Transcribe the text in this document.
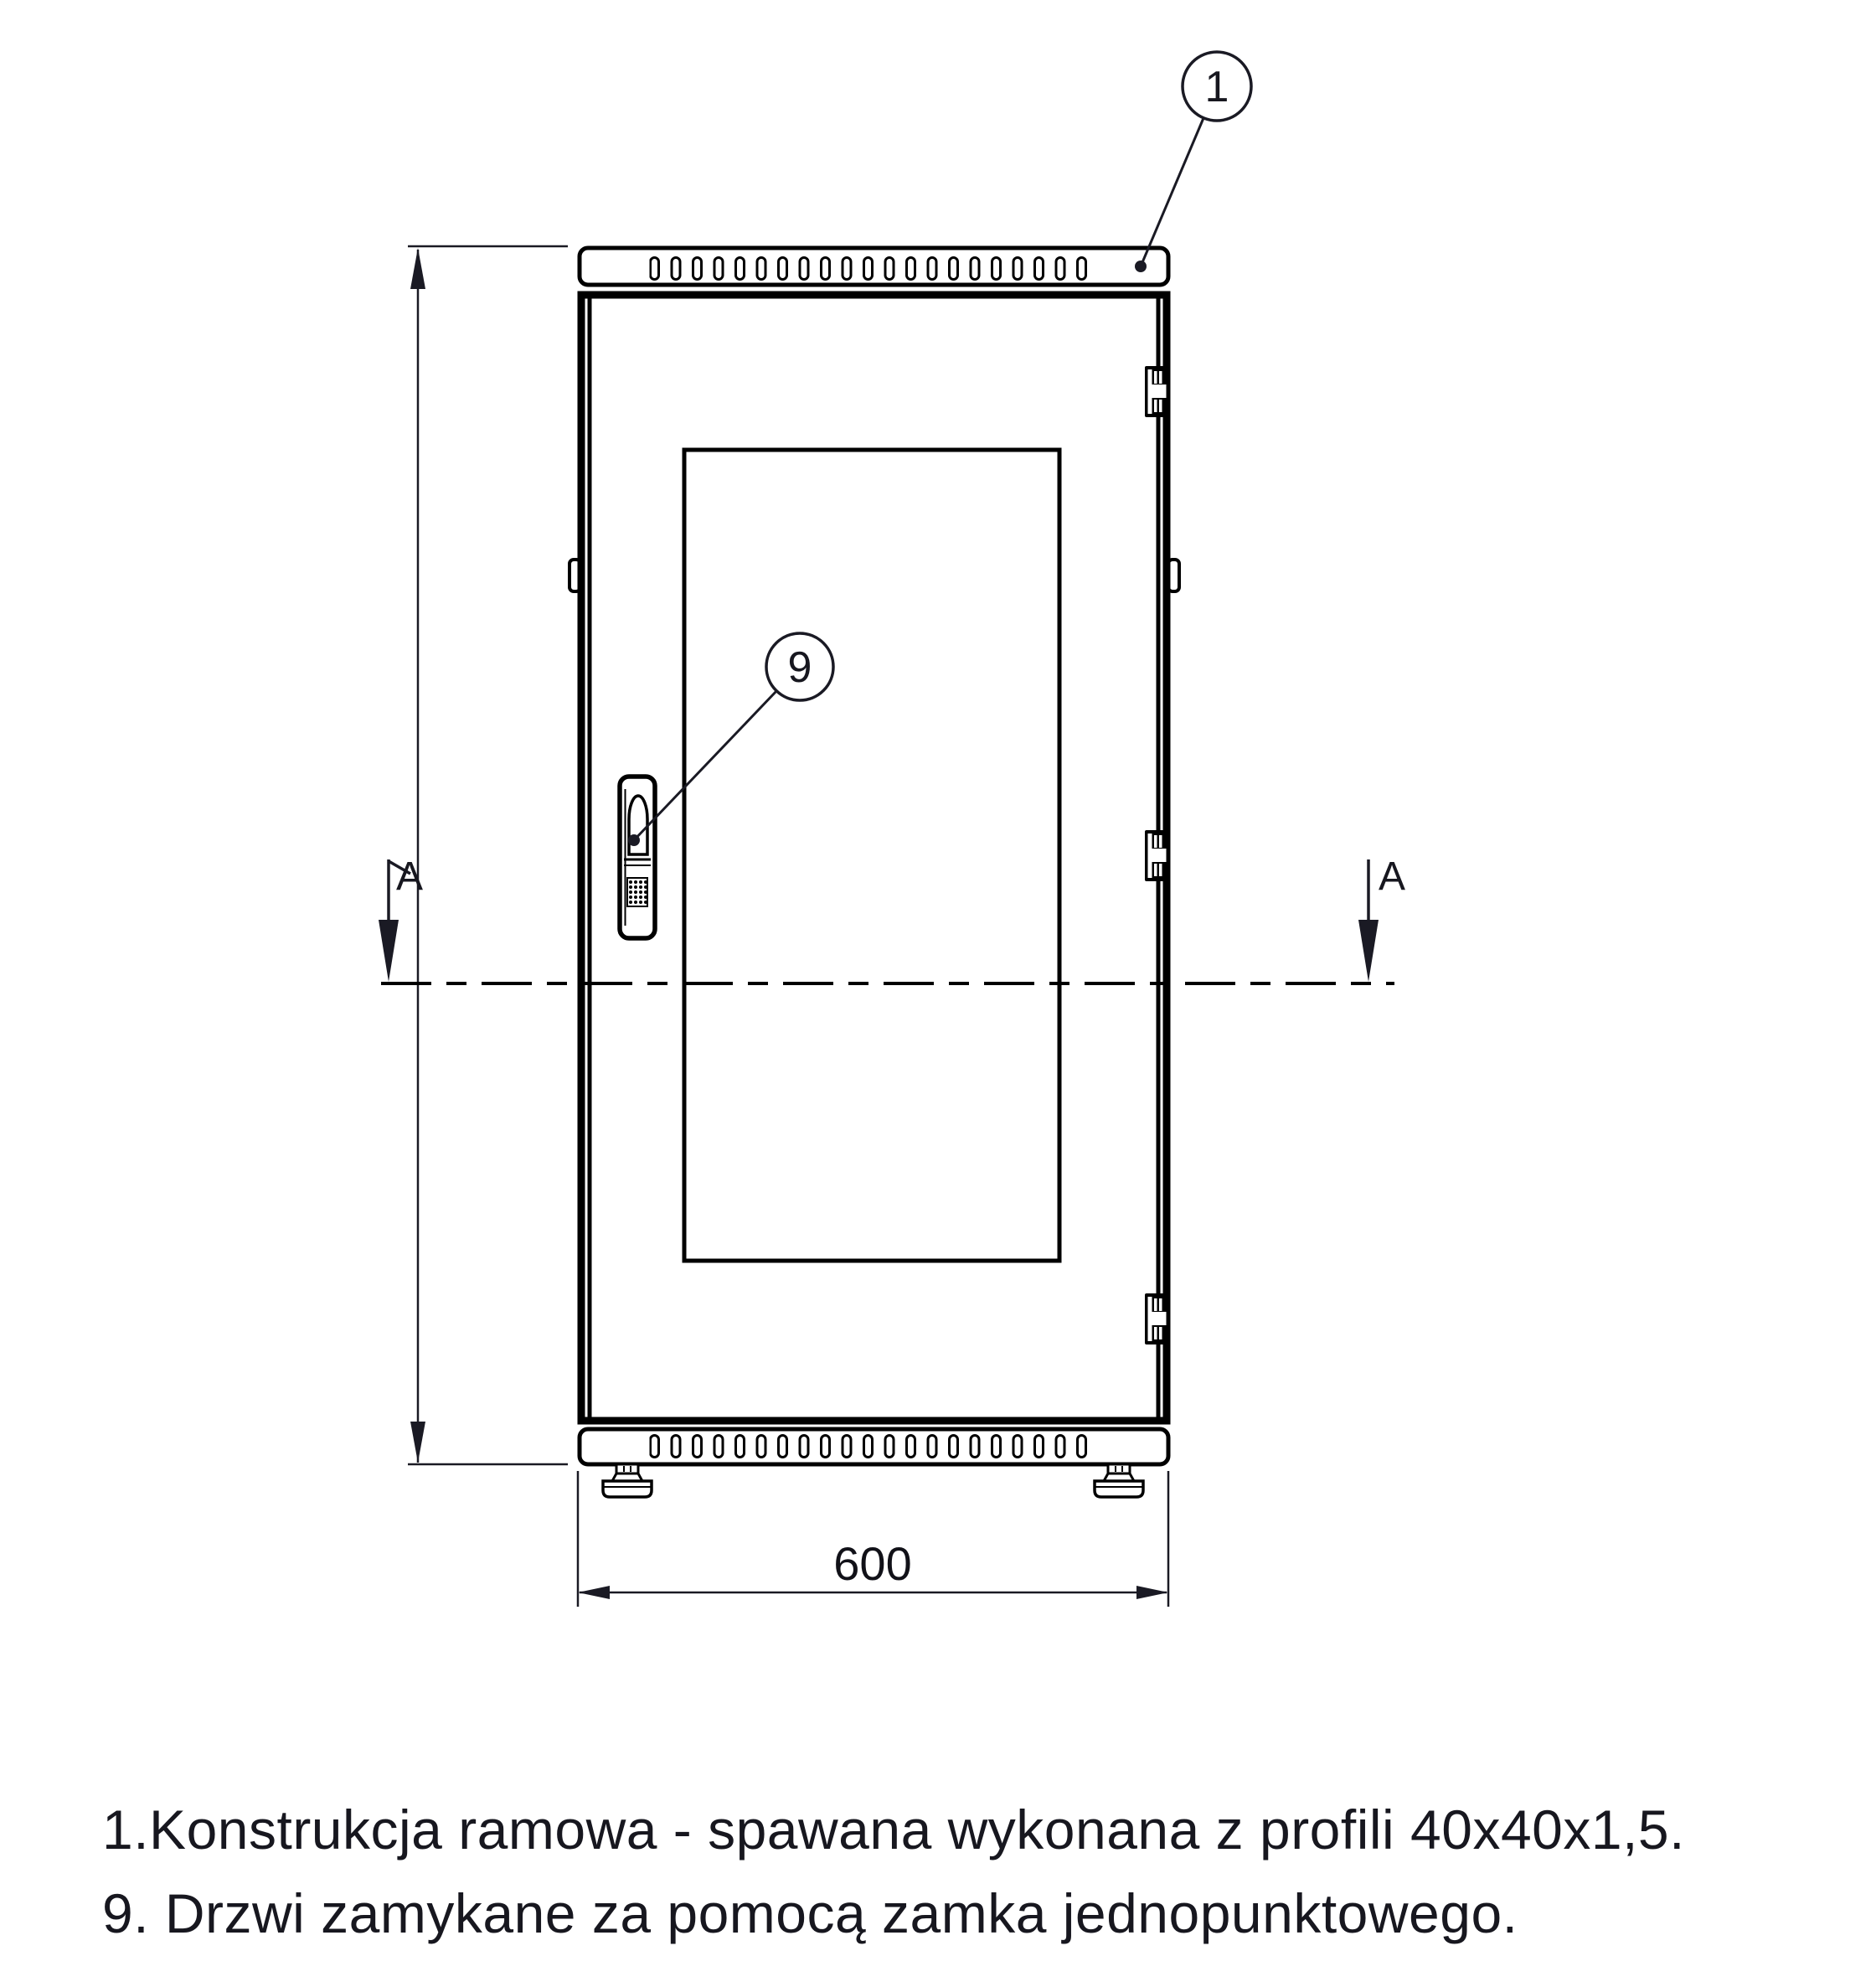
A	A
600
1
9
1.Konstrukcja ramowa - spawana wykonana z profili 40x40x1,5.
9. Drzwi zamykane za pomocą zamka jednopunktowego.
